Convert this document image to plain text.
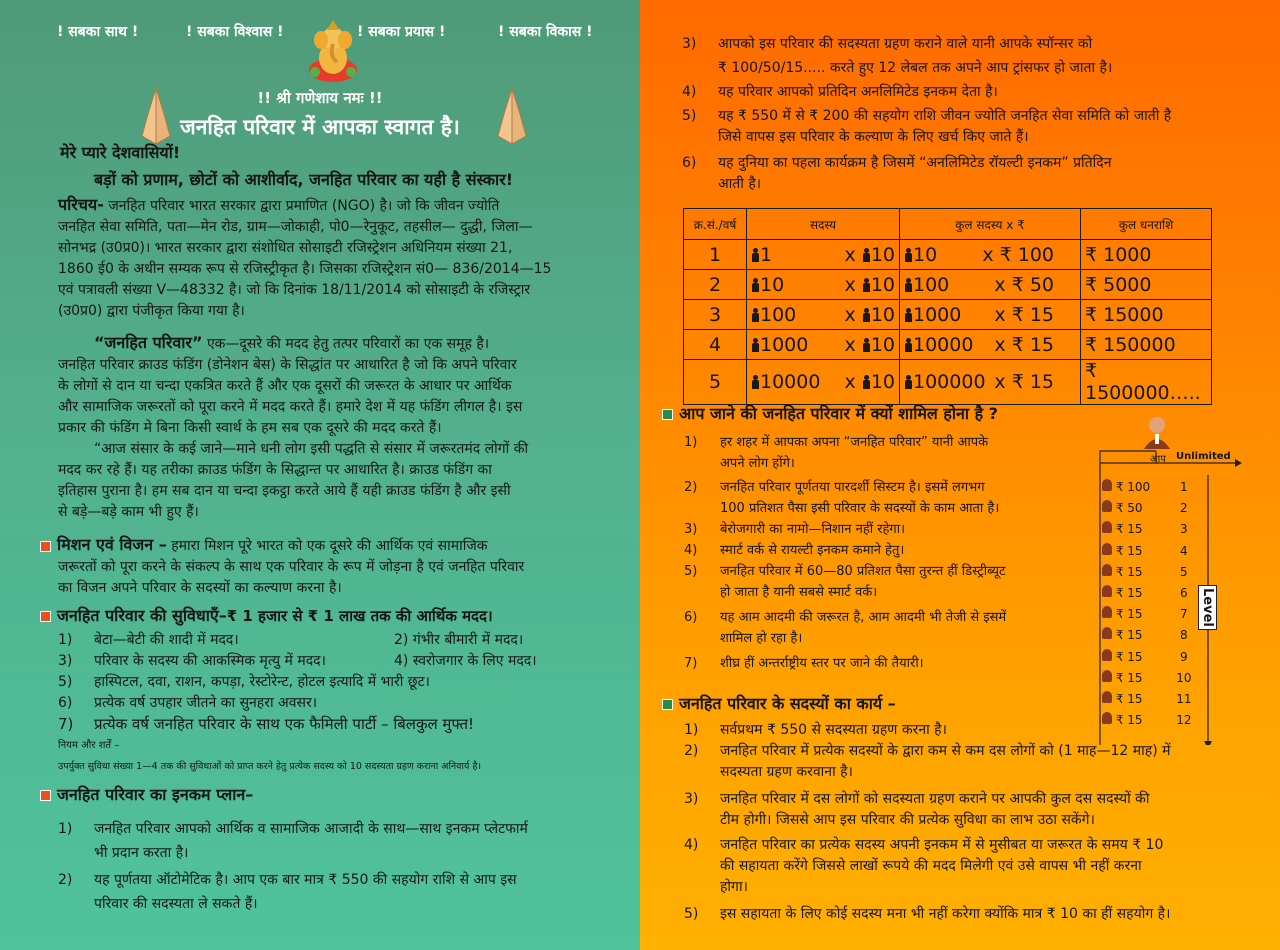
! सबका साथ !	! सबका विश्वास !	! सबका प्रयास !	! सबका विकास !
!! श्री गणेशाय नमः !!
जनहित परिवार में आपका स्वागत है।
मेरे प्यारे देशवासियों!
बड़ों को प्रणाम, छोटों को आशीर्वाद, जनहित परिवार का यही है संस्कार!
परिचय- जनहित परिवार भारत सरकार द्वारा प्रमाणित (NGO) है। जो कि जीवन ज्योति
जनहित सेवा समिति, पता—मेन रोड, ग्राम—जोकाही, पो0—रेनुकूट, तहसील— दुद्धी, जिला—
सोनभद्र (उ0प्र0)। भारत सरकार द्वारा संशोधित सोसाइटी रजिस्ट्रेशन अधिनियम संख्या 21,
1860 ई0 के अधीन सम्यक रूप से रजिस्ट्रीकृत है। जिसका रजिस्ट्रेशन सं0— 836/2014—15
एवं पत्रावली संख्या V—48332 है। जो कि दिनांक 18/11/2014 को सोसाइटी के रजिस्ट्रार
(उ0प्र0) द्वारा पंजीकृत किया गया है।
“जनहित परिवार” एक—दूसरे की मदद हेतु तत्पर परिवारों का एक समूह है।
जनहित परिवार क्राउड फंडिंग (डोनेशन बेस) के सिद्धांत पर आधारित है जो कि अपने परिवार
के लोगों से दान या चन्दा एकत्रित करते हैं और एक दूसरों की जरूरत के आधार पर आर्थिक
और सामाजिक जरूरतों को पूरा करने में मदद करते हैं। हमारे देश में यह फंडिंग लीगल है। इस
प्रकार की फंडिंग मे बिना किसी स्वार्थ के हम सब एक दूसरे की मदद करते हैं।
“आज संसार के कई जाने—माने धनी लोग इसी पद्धति से संसार में जरूरतमंद लोगों की
मदद कर रहे हैं। यह तरीका क्राउड फंडिंग के सिद्धान्त पर आधारित है। क्राउड फंडिंग का
इतिहास पुराना है। हम सब दान या चन्दा इकट्ठा करते आये हैं यही क्राउड फंडिंग है और इसी
से बड़े—बड़े काम भी हुए हैं।
मिशन एवं विजन – हमारा मिशन पूरे भारत को एक दूसरे की आर्थिक एवं सामाजिक
जरूरतों को पूरा करने के संकल्प के साथ एक परिवार के रूप में जोड़ना है एवं जनहित परिवार
का विजन अपने परिवार के सदस्यों का कल्याण करना है।
जनहित परिवार की सुविधाएँ–₹ 1 हजार से ₹ 1 लाख तक की आर्थिक मदद।
1) बेटा—बेटी की शादी में मदद।	2) गंभीर बीमारी में मदद।
3) परिवार के सदस्य की आकस्मिक मृत्यु में मदद।	4) स्वरोजगार के लिए मदद।
5) हास्पिटल, दवा, राशन, कपड़ा, रेस्टोरेन्ट, होटल इत्यादि में भारी छूट।
6) प्रत्येक वर्ष उपहार जीतने का सुनहरा अवसर।
7) प्रत्येक वर्ष जनहित परिवार के साथ एक फैमिली पार्टी – बिलकुल मुफ्त!
नियम और शर्तें –
उपर्युक्त सुविधा संख्या 1—4 तक की सुविधाओं को प्राप्त करने हेतु प्रत्येक सदस्य को 10 सदस्यता ग्रहण कराना अनिवार्य है।
जनहित परिवार का इनकम प्लान–
1) जनहित परिवार आपको आर्थिक व सामाजिक आजादी के साथ—साथ इनकम प्लेटफार्म
भी प्रदान करता है।
2) यह पूर्णतया ऑटोमेटिक है। आप एक बार मात्र ₹ 550 की सहयोग राशि से आप इस
परिवार की सदस्यता ले सकते हैं।
3) आपको इस परिवार की सदस्यता ग्रहण कराने वाले यानी आपके स्पॉन्सर को
₹ 100/50/15..... करते हुए 12 लेबल तक अपने आप ट्रांसफर हो जाता है।
4) यह परिवार आपको प्रतिदिन अनलिमिटेड इनकम देता है।
5) यह ₹ 550 में से ₹ 200 की सहयोग राशि जीवन ज्योति जनहित सेवा समिति को जाती है
जिसे वापस इस परिवार के कल्याण के लिए खर्च किए जाते हैं।
6) यह दुनिया का पहला कार्यक्रम है जिसमें “अनलिमिटेड रॉयल्टी इनकम” प्रतिदिन
आती है।
क्र.सं./वर्ष	सदस्य	कुल सदस्य x ₹	कुल धनराशि
1	1 x 10	10 x ₹ 100	₹ 1000
2	10 x 10	100 x ₹ 50	₹ 5000
3	100 x 10	1000 x ₹ 15	₹ 15000
4	1000 x 10	10000 x ₹ 15	₹ 150000
5	10000 x 10	100000 x ₹ 15	₹ 1500000…..
आप जाने की जनहित परिवार में क्यों शामिल होना है ?
1) हर शहर में आपका अपना “जनहित परिवार” यानी आपके
अपने लोग होंगे।
2) जनहित परिवार पूर्णतया पारदर्शी सिस्टम है। इसमें लगभग
100 प्रतिशत पैसा इसी परिवार के सदस्यों के काम आता है।
3) बेरोजगारी का नामो—निशान नहीं रहेगा।
4) स्मार्ट वर्क से रायल्टी इनकम कमाने हेतु।
5) जनहित परिवार में 60—80 प्रतिशत पैसा तुरन्त हीं डिस्ट्रीब्यूट
हो जाता है यानी सबसे स्मार्ट वर्क।
6) यह आम आदमी की जरूरत है, आम आदमी भी तेजी से इसमें
शामिल हो रहा है।
7) शीघ्र हीं अन्तर्राष्ट्रीय स्तर पर जाने की तैयारी।
आप Unlimited
Level
₹ 100 1
₹ 50	2
₹ 15	3
₹ 15	4
₹ 15	5
₹ 15	6
₹ 15	7
₹ 15	8
₹ 15	9
₹ 15	10
₹ 15	11
₹ 15	12
जनहित परिवार के सदस्यों का कार्य –
1) सर्वप्रथम ₹ 550 से सदस्यता ग्रहण करना है।
2) जनहित परिवार में प्रत्येक सदस्यों के द्वारा कम से कम दस लोगों को (1 माह—12 माह) में
सदस्यता ग्रहण करवाना है।
3) जनहित परिवार में दस लोगों को सदस्यता ग्रहण कराने पर आपकी कुल दस सदस्यों की
टीम होगी। जिससे आप इस परिवार की प्रत्येक सुविधा का लाभ उठा सकेंगे।
4) जनहित परिवार का प्रत्येक सदस्य अपनी इनकम में से मुसीबत या जरूरत के समय ₹ 10
की सहायता करेंगे जिससे लाखों रूपये की मदद मिलेगी एवं उसे वापस भी नहीं करना
होगा।
5) इस सहायता के लिए कोई सदस्य मना भी नहीं करेगा क्योंकि मात्र ₹ 10 का हीं सहयोग है।
